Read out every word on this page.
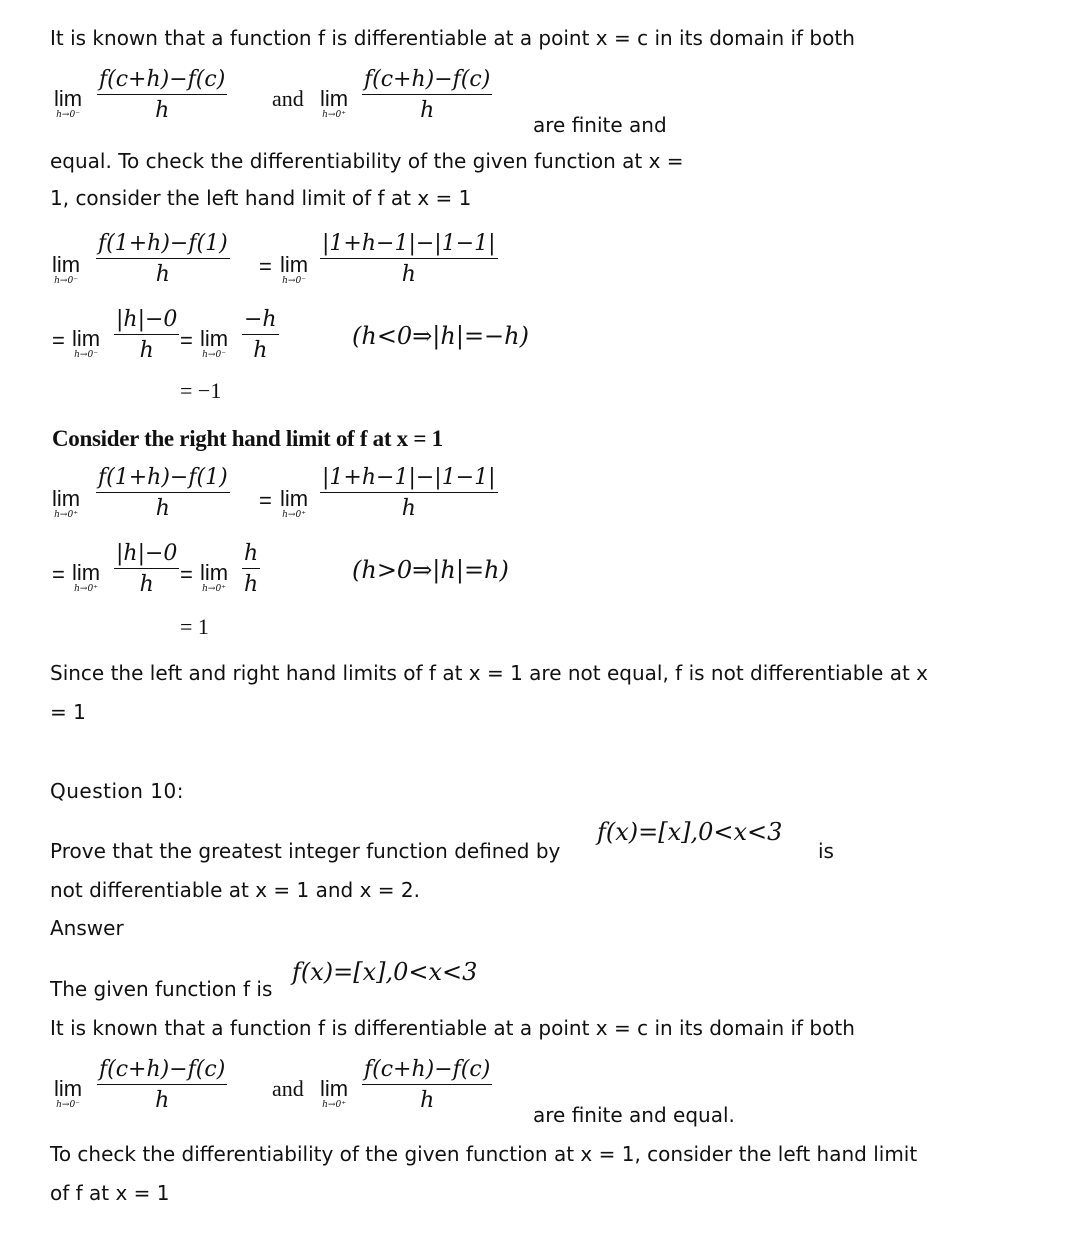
It is known that a function f is differentiable at a point x = c in its domain if both
lim
h→0⁻
f(c+h)−f(c)
h	and lim
h→0⁺
f(c+h)−f(c)
h
are finite and
equal. To check the differentiability of the given function at x =
1, consider the left hand limit of f at x = 1
lim
h→0⁻
f(1+h)−f(1)
h	= lim
h→0⁻
|1+h−1|−|1−1|
h
= lim
h→0⁻
|h|−0
h = lim
h→0⁻
−h
h
(h<0⇒|h|=−h)
= −1
Consider the right hand limit of f at x = 1
lim
h→0⁺
f(1+h)−f(1)
h	= lim
h→0⁺
|1+h−1|−|1−1|
h
= lim
h→0⁺
|h|−0
h = lim
h→0⁺
h
h
(h>0⇒|h|=h)
= 1
Since the left and right hand limits of f at x = 1 are not equal, f is not differentiable at x
= 1
Question 10:
Prove that the greatest integer function defined by
f(x)=[x],0<x<3
is
not differentiable at x = 1 and x = 2.
Answer
The given function f is
f(x)=[x],0<x<3
It is known that a function f is differentiable at a point x = c in its domain if both
lim
h→0⁻
f(c+h)−f(c)
h	and lim
h→0⁺
f(c+h)−f(c)
h
are finite and equal.
To check the differentiability of the given function at x = 1, consider the left hand limit
of f at x = 1
